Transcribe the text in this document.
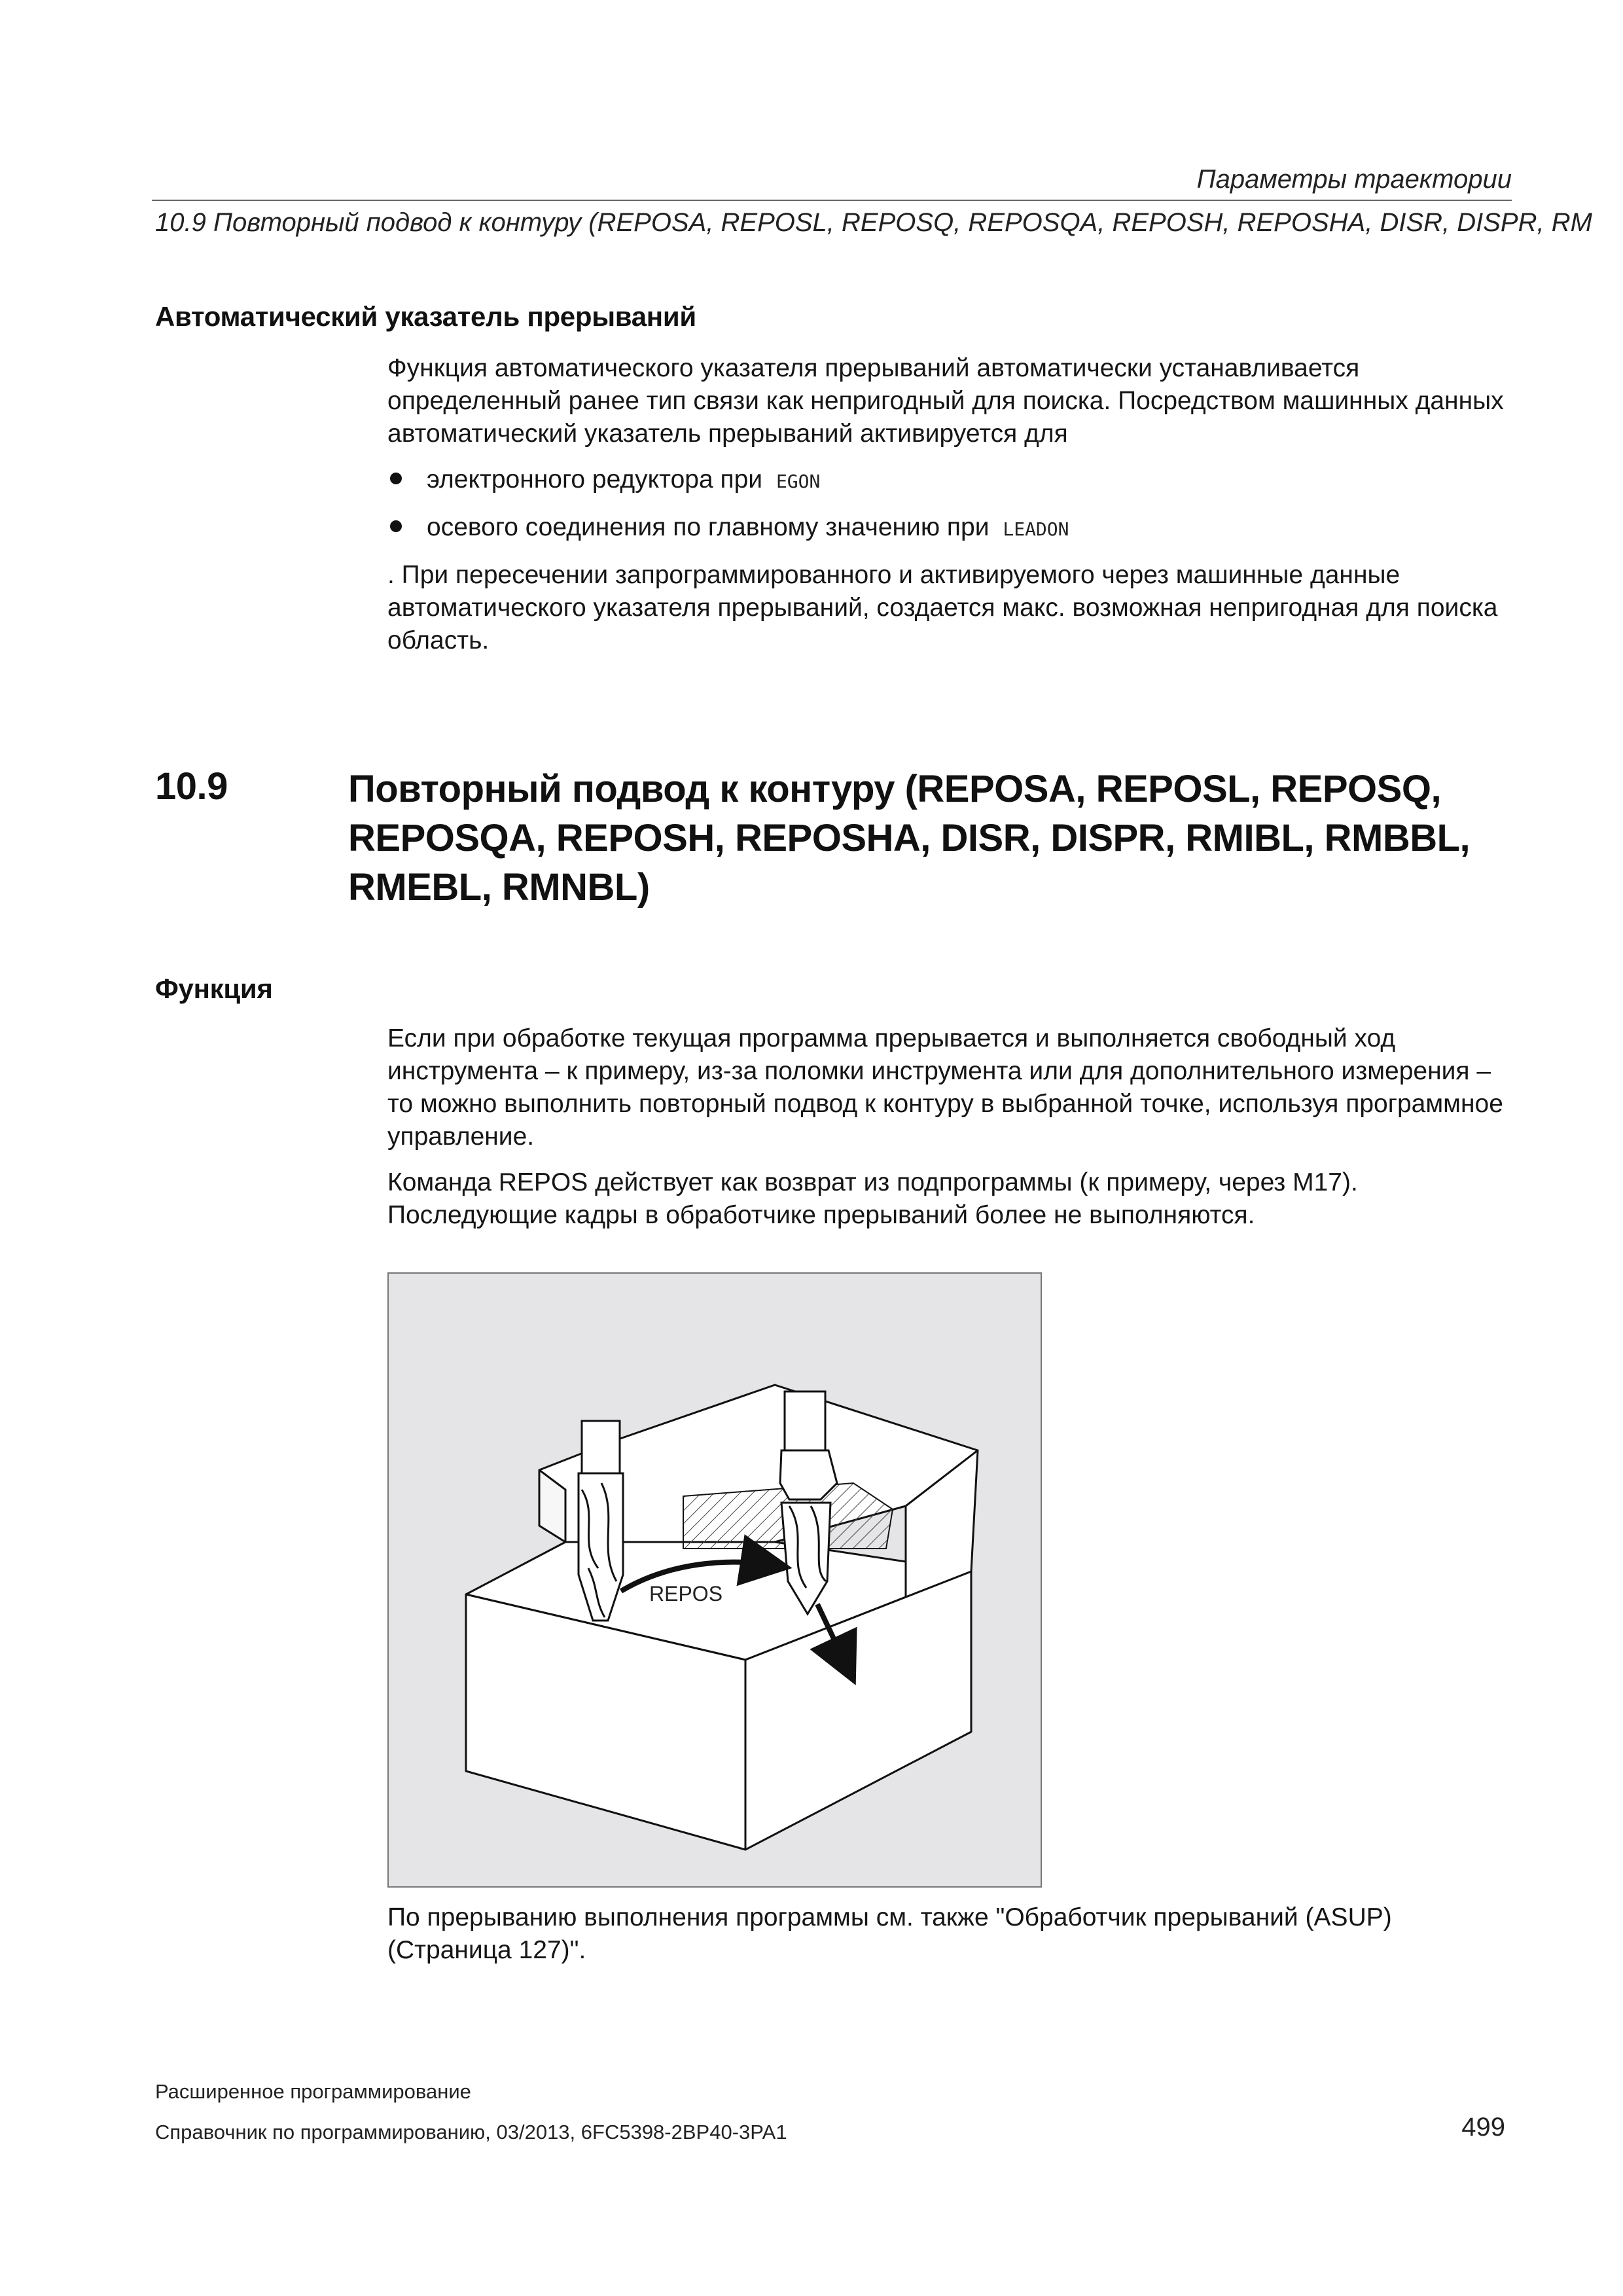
Параметры траектории
10.9 Повторный подвод к контуру (REPOSA, REPOSL, REPOSQ, REPOSQA, REPOSH, REPOSHA, DISR, DISPR, RM
Автоматический указатель прерываний

Функция автоматического указателя прерываний автоматически устанавливается определенный ранее тип связи как непригодный для поиска. Посредством машинных данных автоматический указатель прерываний активируется для

электронного редуктора при EGON
осевого соединения по главному значению при LEADON

. При пересечении запрограммированного и активируемого через машинные данные автоматического указателя прерываний, создается макс. возможная непригодная для поиска область.

10.9	Повторный подвод к контуру (REPOSA, REPOSL, REPOSQ, REPOSQA, REPOSH, REPOSHA, DISR, DISPR, RMIBL, RMBBL, RMEBL, RMNBL)
Функция

Если при обработке текущая программа прерывается и выполняется свободный ход инструмента – к примеру, из-за поломки инструмента или для дополнительного измерения – то можно выполнить повторный подвод к контуру в выбранной точке, используя программное управление.

Команда REPOS действует как возврат из подпрограммы (к примеру, через M17). Последующие кадры в обработчике прерываний более не выполняются.

REPOS
По прерыванию выполнения программы см. также "Обработчик прерываний (ASUP) (Страница 127)".
Расширенное программирование
Справочник по программированию, 03/2013, 6FC5398-2BP40-3PA1	499
